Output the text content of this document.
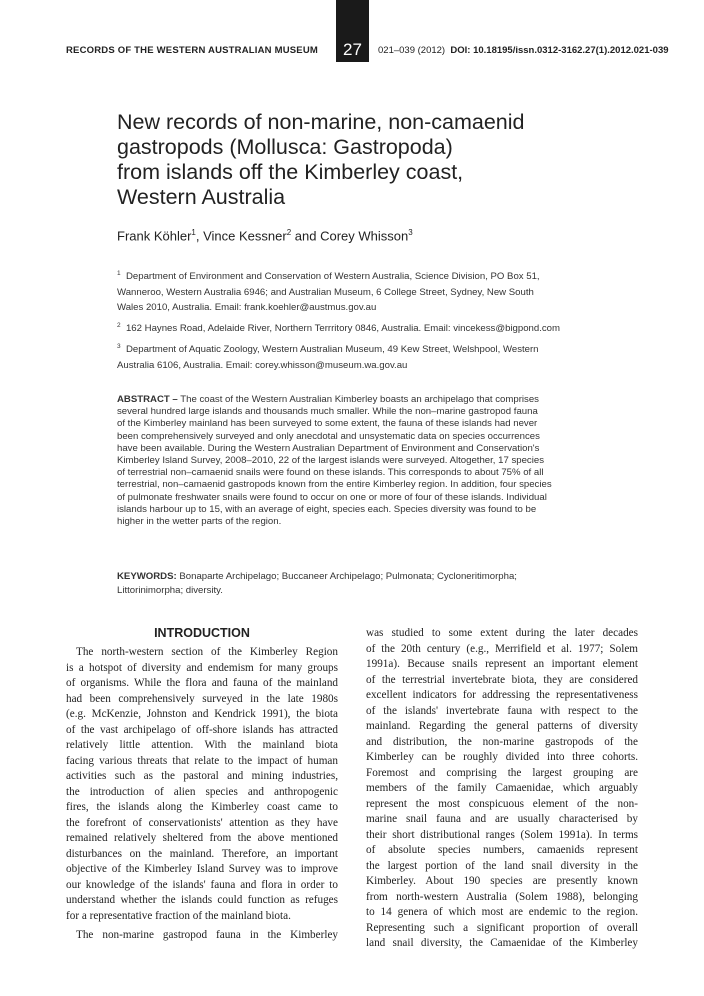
RECORDS OF THE WESTERN AUSTRALIAN MUSEUM 27 021–039 (2012) DOI: 10.18195/issn.0312-3162.27(1).2012.021-039
New records of non-marine, non-camaenid
gastropods (Mollusca: Gastropoda)
from islands off the Kimberley coast,
Western Australia
Frank Köhler$^1$, Vince Kessner$^2$ and Corey Whisson$^3$
$^1$ Department of Environment and Conservation of Western Australia, Science Division, PO Box 51,
Wanneroo, Western Australia 6946; and Australian Museum, 6 College Street, Sydney, New South
Wales 2010, Australia. Email: frank.koehler@austmus.gov.au
$^2$ 162 Haynes Road, Adelaide River, Northern Terrritory 0846, Australia. Email: vincekess@bigpond.com
$^3$ Department of Aquatic Zoology, Western Australian Museum, 49 Kew Street, Welshpool, Western
Australia 6106, Australia. Email: corey.whisson@museum.wa.gov.au
ABSTRACT – The coast of the Western Australian Kimberley boasts an archipelago that comprises
several hundred large islands and thousands much smaller. While the non–marine gastropod fauna
of the Kimberley mainland has been surveyed to some extent, the fauna of these islands had never
been comprehensively surveyed and only anecdotal and unsystematic data on species occurrences
have been available. During the Western Australian Department of Environment and Conservation's
Kimberley Island Survey, 2008–2010, 22 of the largest islands were surveyed. Altogether, 17 species
of terrestrial non–camaenid snails were found on these islands. This corresponds to about 75% of all
terrestrial, non–camaenid gastropods known from the entire Kimberley region. In addition, four species
of pulmonate freshwater snails were found to occur on one or more of four of these islands. Individual
islands harbour up to 15, with an average of eight, species each. Species diversity was found to be
higher in the wetter parts of the region.
KEYWORDS: Bonaparte Archipelago; Buccaneer Archipelago; Pulmonata; Cycloneritimorpha;
Littorinimorpha; diversity.
INTRODUCTION
The north-western section of the Kimberley Region
is a hotspot of diversity and endemism for many groups
of organisms. While the flora and fauna of the mainland
had been comprehensively surveyed in the late 1980s
(e.g. McKenzie, Johnston and Kendrick 1991), the biota
of the vast archipelago of off-shore islands has attracted
relatively little attention. With the mainland biota
facing various threats that relate to the impact of human
activities such as the pastoral and mining industries,
the introduction of alien species and anthropogenic
fires, the islands along the Kimberley coast came to
the forefront of conservationists' attention as they have
remained relatively sheltered from the above mentioned
disturbances on the mainland. Therefore, an important
objective of the Kimberley Island Survey was to improve
our knowledge of the islands' fauna and flora in order to
understand whether the islands could function as refuges
for a representative fraction of the mainland biota.
The non-marine gastropod fauna in the Kimberley
was studied to some extent during the later decades
of the 20th century (e.g., Merrifield et al. 1977; Solem
1991a). Because snails represent an important element
of the terrestrial invertebrate biota, they are considered
excellent indicators for addressing the representativeness
of the islands' invertebrate fauna with respect to the
mainland. Regarding the general patterns of diversity
and distribution, the non-marine gastropods of the
Kimberley can be roughly divided into three cohorts.
Foremost and comprising the largest grouping are
members of the family Camaenidae, which arguably
represent the most conspicuous element of the non-
marine snail fauna and are usually characterised by
their short distributional ranges (Solem 1991a). In terms
of absolute species numbers, camaenids represent
the largest portion of the land snail diversity in the
Kimberley. About 190 species are presently known
from north-western Australia (Solem 1988), belonging
to 14 genera of which most are endemic to the region.
Representing such a significant proportion of overall
land snail diversity, the Camaenidae of the Kimberley
